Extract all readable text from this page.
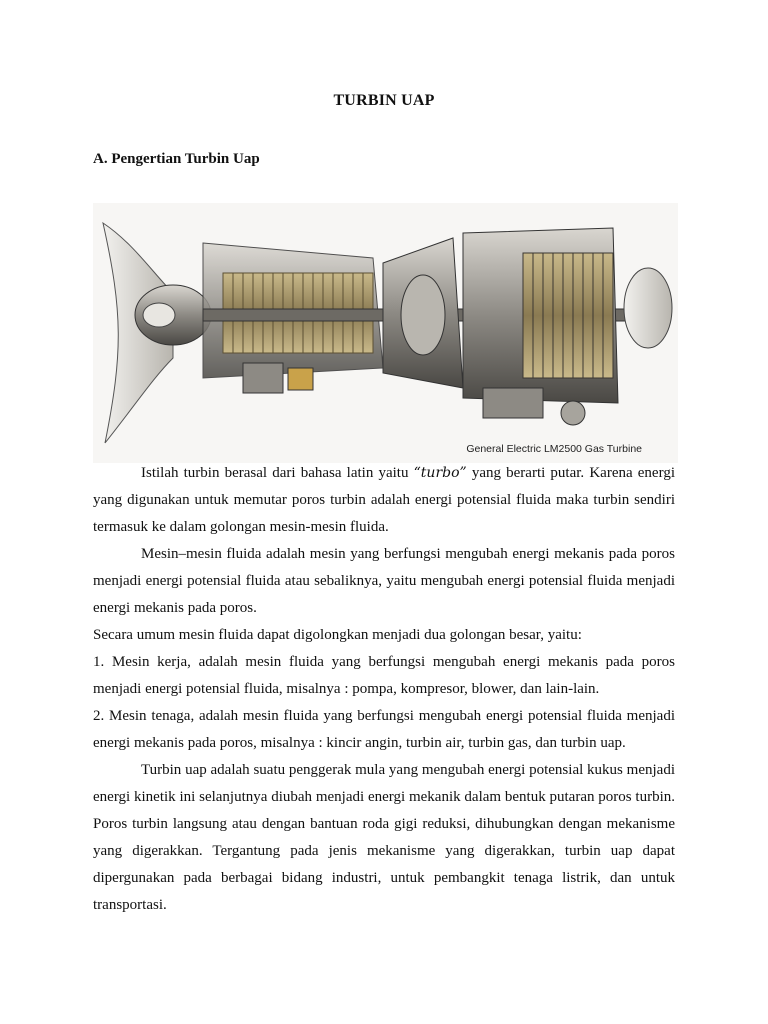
TURBIN UAP
A. Pengertian Turbin Uap
General Electric LM2500 Gas Turbine

Istilah turbin berasal dari bahasa latin yaitu “turbo” yang berarti putar. Karena energi yang digunakan untuk memutar poros turbin adalah energi potensial fluida maka turbin sendiri termasuk ke dalam golongan mesin-mesin fluida.

Mesin–mesin fluida adalah mesin yang berfungsi mengubah energi mekanis pada poros menjadi energi potensial fluida atau sebaliknya, yaitu mengubah energi potensial fluida menjadi energi mekanis pada poros.

Secara umum mesin fluida dapat digolongkan menjadi dua golongan besar, yaitu:

1. Mesin kerja, adalah mesin fluida yang berfungsi mengubah energi mekanis pada poros menjadi energi potensial fluida, misalnya : pompa, kompresor, blower, dan lain-lain.

2. Mesin tenaga, adalah mesin fluida yang berfungsi mengubah energi potensial fluida menjadi energi mekanis pada poros, misalnya : kincir angin, turbin air, turbin gas, dan turbin uap.

Turbin uap adalah suatu penggerak mula yang mengubah energi potensial kukus menjadi energi kinetik ini selanjutnya diubah menjadi energi mekanik dalam bentuk putaran poros turbin. Poros turbin langsung atau dengan bantuan roda gigi reduksi, dihubungkan dengan mekanisme yang digerakkan. Tergantung pada jenis mekanisme yang digerakkan, turbin uap dapat dipergunakan pada berbagai bidang industri, untuk pembangkit tenaga listrik, dan untuk transportasi.
